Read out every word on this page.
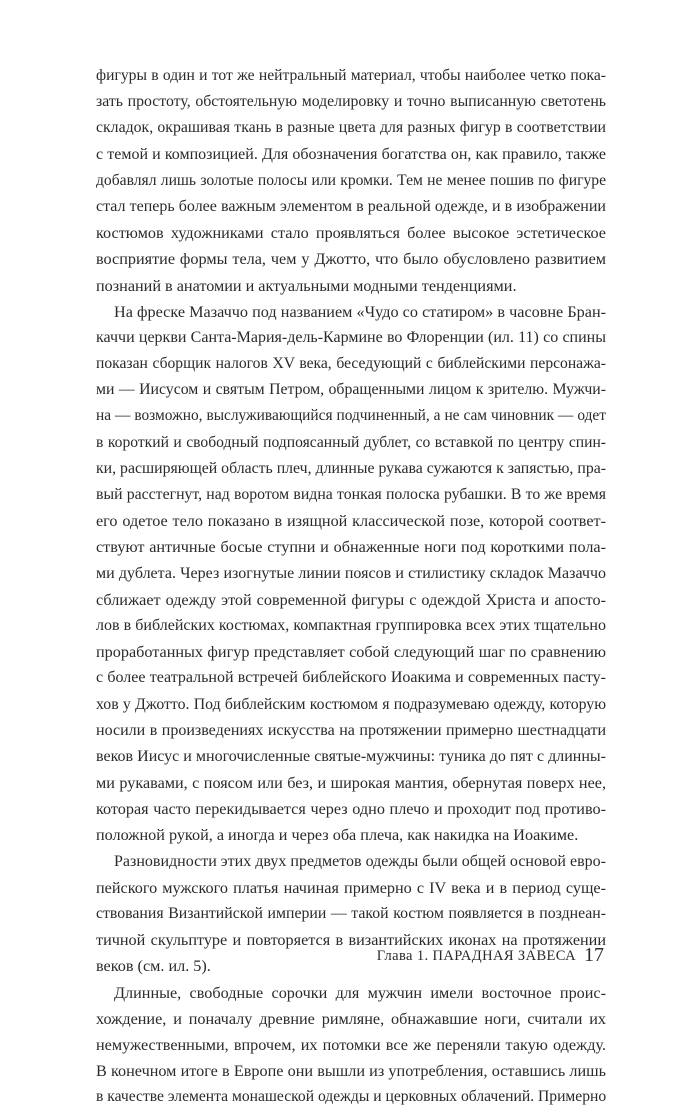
фигуры в один и тот же нейтральный материал, чтобы наиболее четко пока-
зать простоту, обстоятельную моделировку и точно выписанную светотень
складок, окрашивая ткань в разные цвета для разных фигур в соответствии
с темой и композицией. Для обозначения богатства он, как правило, также
добавлял лишь золотые полосы или кромки. Тем не менее пошив по фигуре
стал теперь более важным элементом в реальной одежде, и в изображении
костюмов художниками стало проявляться более высокое эстетическое
восприятие формы тела, чем у Джотто, что было обусловлено развитием
познаний в анатомии и актуальными модными тенденциями.
На фреске Мазаччо под названием «Чудо со статиром» в часовне Бран-
каччи церкви Санта-Мария-дель-Кармине во Флоренции (ил. 11) со спины
показан сборщик налогов XV века, беседующий с библейскими персонажа-
ми — Иисусом и святым Петром, обращенными лицом к зрителю. Мужчи-
на — возможно, выслуживающийся подчиненный, а не сам чиновник — одет
в короткий и свободный подпоясанный дублет, со вставкой по центру спин-
ки, расширяющей область плеч, длинные рукава сужаются к запястью, пра-
вый расстегнут, над воротом видна тонкая полоска рубашки. В то же время
его одетое тело показано в изящной классической позе, которой соответ-
ствуют античные босые ступни и обнаженные ноги под короткими пола-
ми дублета. Через изогнутые линии поясов и стилистику складок Мазаччо
сближает одежду этой современной фигуры с одеждой Христа и апосто-
лов в библейских костюмах, компактная группировка всех этих тщательно
проработанных фигур представляет собой следующий шаг по сравнению
с более театральной встречей библейского Иоакима и современных пасту-
хов у Джотто. Под библейским костюмом я подразумеваю одежду, которую
носили в произведениях искусства на протяжении примерно шестнадцати
веков Иисус и многочисленные святые-мужчины: туника до пят с длинны-
ми рукавами, с поясом или без, и широкая мантия, обернутая поверх нее,
которая часто перекидывается через одно плечо и проходит под противо-
положной рукой, а иногда и через оба плеча, как накидка на Иоакиме.
Разновидности этих двух предметов одежды были общей основой евро-
пейского мужского платья начиная примерно с IV века и в период суще-
ствования Византийской империи — такой костюм появляется в позднеан-
тичной скульптуре и повторяется в византийских иконах на протяжении
веков (см. ил. 5).
Длинные, свободные сорочки для мужчин имели восточное проис-
хождение, и поначалу древние римляне, обнажавшие ноги, считали их
немужественными, впрочем, их потомки все же переняли такую одежду.
В конечном итоге в Европе они вышли из употребления, оставшись лишь
в качестве элемента монашеской одежды и церковных облачений. Примерно
Глава 1. ПАРАДНАЯ ЗАВЕСА 17
